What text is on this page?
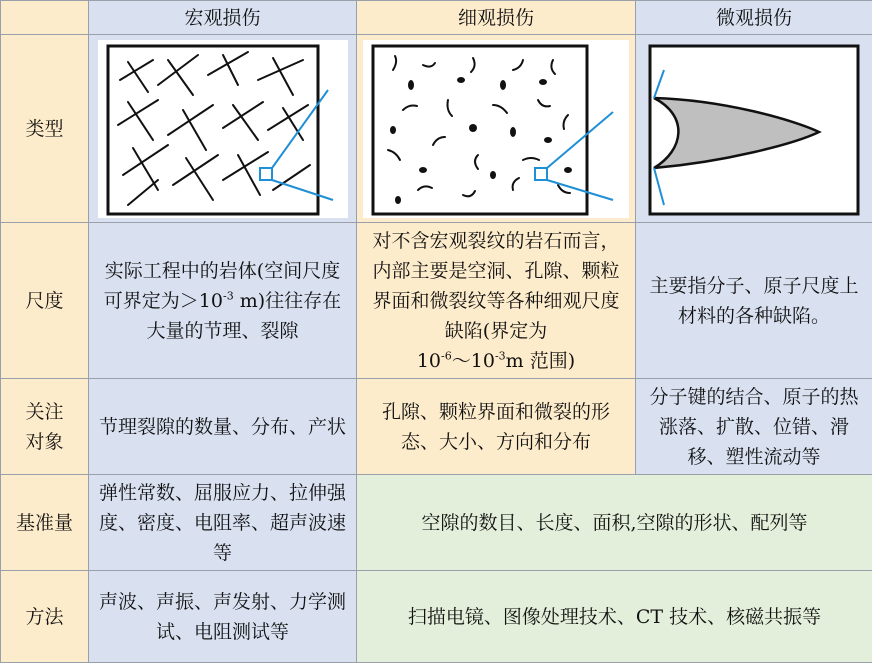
	宏观损伤	细观损伤	微观损伤
类型	

尺度	实际工程中的岩体(空间尺度可界定为$>10^{-3}$ m)往往存在大量的节理、裂隙	对不含宏观裂纹的岩石而言，内部主要是空洞、孔隙、颗粒界面和微裂纹等各种细观尺度缺陷(界定为
$10^{-6}\sim 10^{-3}m$ 范围)	主要指分子、原子尺度上材料的各种缺陷。

关注
对象	节理裂隙的数量、分布、产状	孔隙、颗粒界面和微裂的形态、大小、方向和分布	分子键的结合、原子的热涨落、扩散、位错、滑移、塑性流动等

基准量	弹性常数、屈服应力、拉伸强度、密度、电阻率、超声波速等	空隙的数目、长度、面积,空隙的形状、配列等	

方法	声波、声振、声发射、力学测试、电阻测试等	扫描电镜、图像处理技术、CT 技术、核磁共振等	
